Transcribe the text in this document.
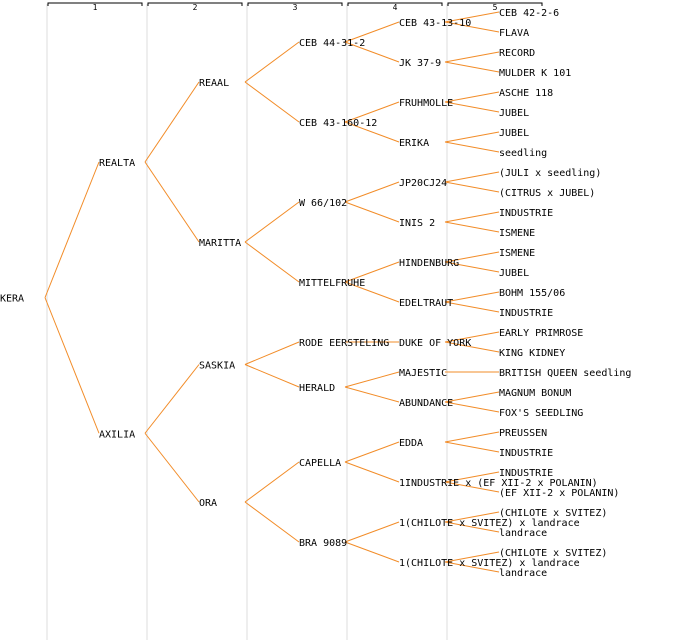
1	2	3	4	5
KERA
REALTA
REAAL
CEB 44-31-2
CEB 43-13-10
CEB 42-2-6
FLAVA
JK 37-9
RECORD
MULDER K 101
CEB 43-160-12
FRUHMOLLE
ASCHE 118
JUBEL
ERIKA
JUBEL
seedling
MARITTA
W 66/102
JP20CJ24
(JULI x seedling)
(CITRUS x JUBEL)
INIS 2
INDUSTRIE
ISMENE
MITTELFRUHE
HINDENBURG
ISMENE
JUBEL
EDELTRAUT
BOHM 155/06
INDUSTRIE
AXILIA
SASKIA
RODE EERSTELING DUKE OF YORK
EARLY PRIMROSE
KING KIDNEY
HERALD
MAJESTIC	BRITISH QUEEN seedling
ABUNDANCE
MAGNUM BONUM
FOX'S SEEDLING
ORA
CAPELLA
EDDA
PREUSSEN
INDUSTRIE
1INDUSTRIE x (EF XII-2 x POLANIN)
INDUSTRIE
(EF XII-2 x POLANIN)
BRA 9089
1(CHILOTE x SVITEZ) x landrace
(CHILOTE x SVITEZ)
landrace
1(CHILOTE x SVITEZ) x landrace
(CHILOTE x SVITEZ)
landrace
